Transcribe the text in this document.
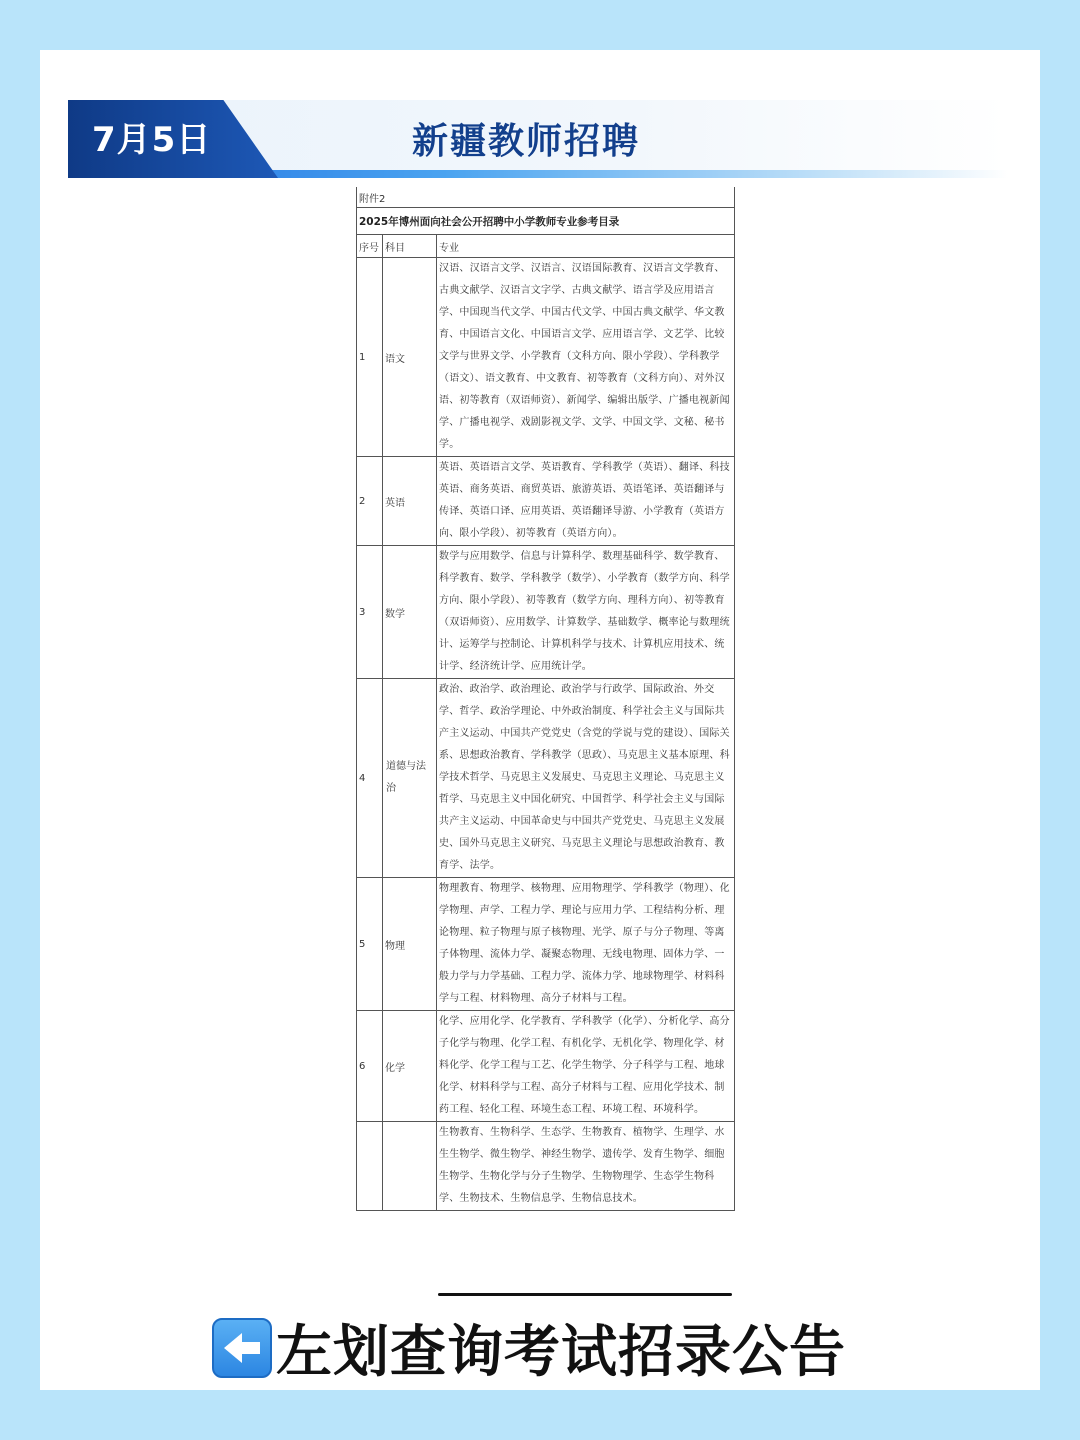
7月5日	新疆教师招聘
附件2		
2025年博州面向社会公开招聘中小学教师专业参考目录		
序号	科目	专业
1	语文	汉语、汉语言文学、汉语言、汉语国际教育、汉语言文学教育、古典文献学、汉语言文字学、古典文献学、语言学及应用语言学、中国现当代文学、中国古代文学、中国古典文献学、华文教育、中国语言文化、中国语言文学、应用语言学、文艺学、比较文学与世界文学、小学教育（文科方向、限小学段）、学科教学（语文）、语文教育、中文教育、初等教育（文科方向）、对外汉语、初等教育（双语师资）、新闻学、编辑出版学、广播电视新闻学、广播电视学、戏剧影视文学、文学、中国文学、文秘、秘书学。
2	英语	英语、英语语言文学、英语教育、学科教学（英语）、翻译、科技英语、商务英语、商贸英语、旅游英语、英语笔译、英语翻译与传译、英语口译、应用英语、英语翻译导游、小学教育（英语方向、限小学段）、初等教育（英语方向）。
3	数学	数学与应用数学、信息与计算科学、数理基础科学、数学教育、科学教育、数学、学科教学（数学）、小学教育（数学方向、科学方向、限小学段）、初等教育（数学方向、理科方向）、初等教育（双语师资）、应用数学、计算数学、基础数学、概率论与数理统计、运筹学与控制论、计算机科学与技术、计算机应用技术、统计学、经济统计学、应用统计学。
4	道德与法治	政治、政治学、政治理论、政治学与行政学、国际政治、外交学、哲学、政治学理论、中外政治制度、科学社会主义与国际共产主义运动、中国共产党党史（含党的学说与党的建设）、国际关系、思想政治教育、学科教学（思政）、马克思主义基本原理、科学技术哲学、马克思主义发展史、马克思主义理论、马克思主义哲学、马克思主义中国化研究、中国哲学、科学社会主义与国际共产主义运动、中国革命史与中国共产党党史、马克思主义发展史、国外马克思主义研究、马克思主义理论与思想政治教育、教育学、法学。
5	物理	物理教育、物理学、核物理、应用物理学、学科教学（物理）、化学物理、声学、工程力学、理论与应用力学、工程结构分析、理论物理、粒子物理与原子核物理、光学、原子与分子物理、等离子体物理、流体力学、凝聚态物理、无线电物理、固体力学、一般力学与力学基础、工程力学、流体力学、地球物理学、材料科学与工程、材料物理、高分子材料与工程。
6	化学	化学、应用化学、化学教育、学科教学（化学）、分析化学、高分子化学与物理、化学工程、有机化学、无机化学、物理化学、材料化学、化学工程与工艺、化学生物学、分子科学与工程、地球化学、材料科学与工程、高分子材料与工程、应用化学技术、制药工程、轻化工程、环境生态工程、环境工程、环境科学。
		生物教育、生物科学、生态学、生物教育、植物学、生理学、水生生物学、微生物学、神经生物学、遗传学、发育生物学、细胞生物学、生物化学与分子生物学、生物物理学、生态学生物科学、生物技术、生物信息学、生物信息技术。
左划查询考试招录公告
